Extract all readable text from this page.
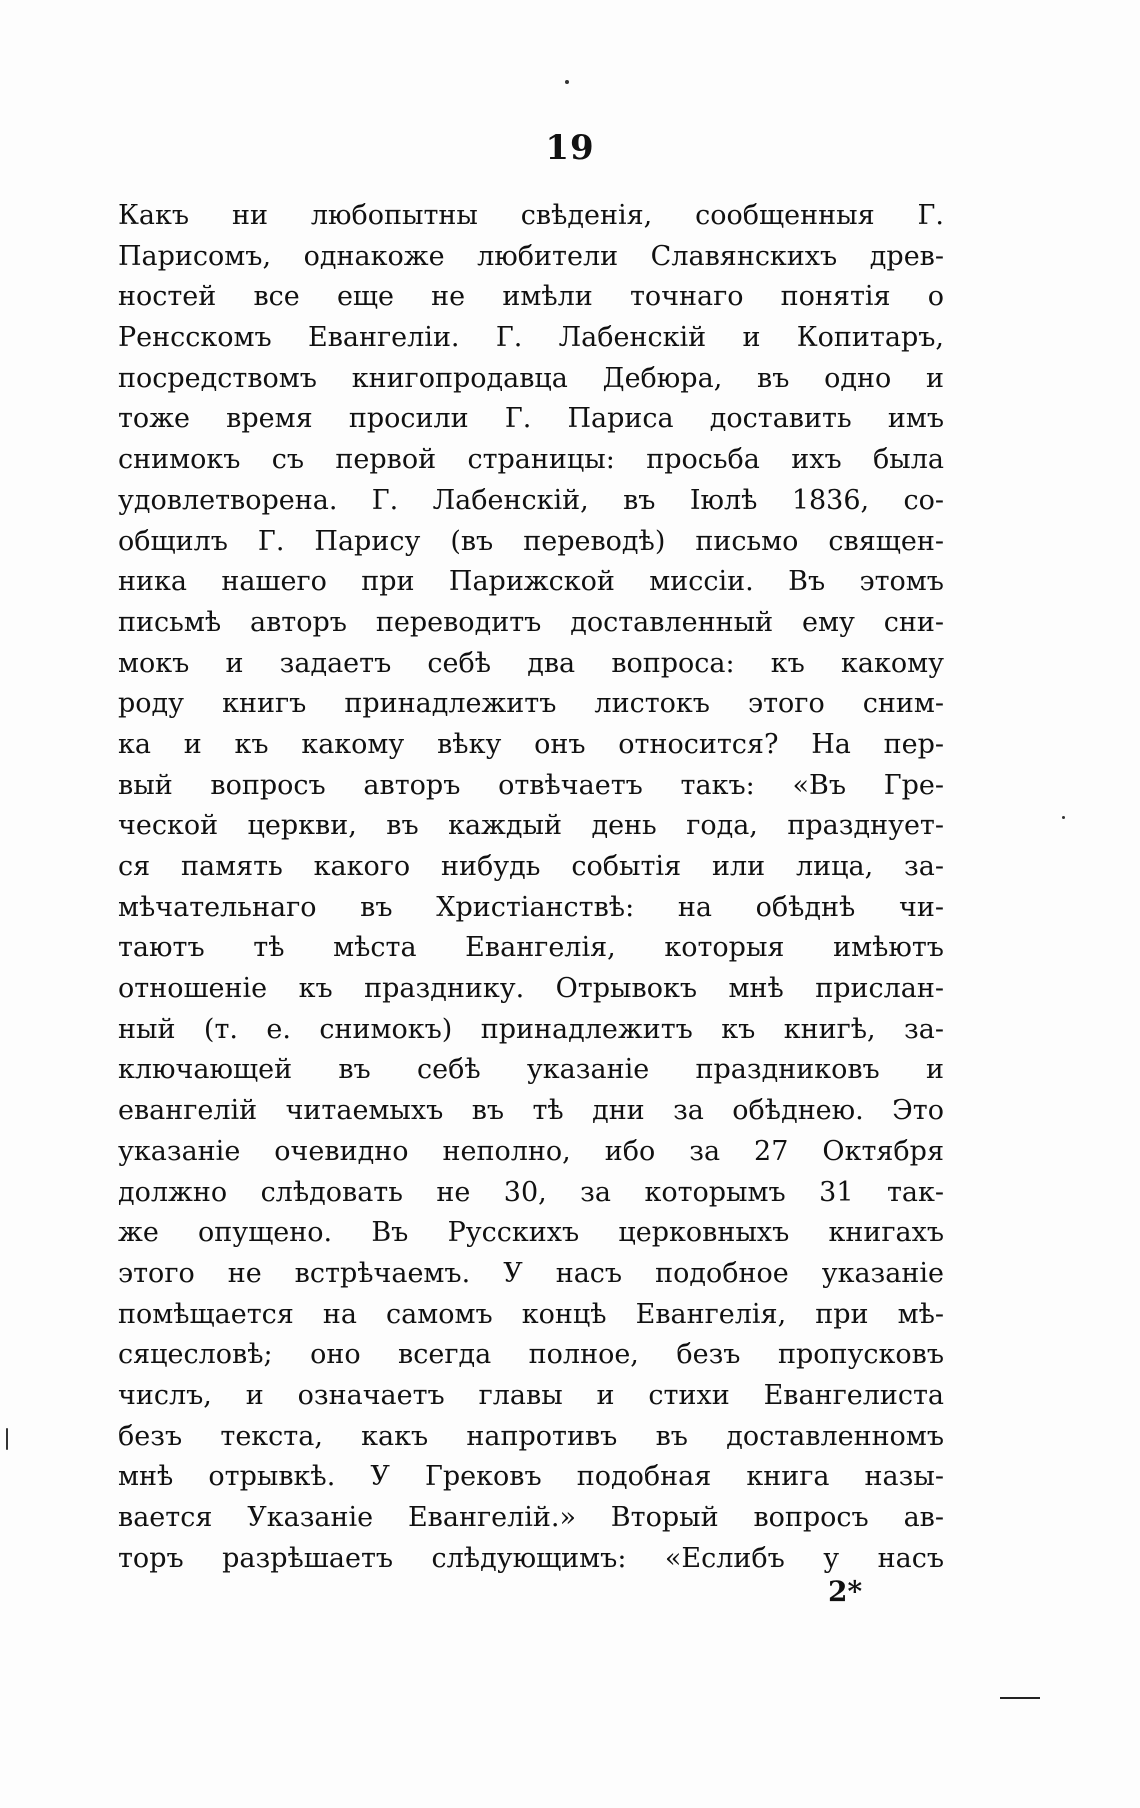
19
Какъ ни любопытны свѣденія, сообщенныя Г.
Парисомъ, однакоже любители Славянскихъ древ-
ностей все еще не имѣли точнаго понятія о
Ренсскомъ Евангеліи. Г. Лабенскій и Копитаръ,
посредствомъ книгопродавца Дебюра, въ одно и
тоже время просили Г. Париса доставить имъ
снимокъ съ первой страницы: просьба ихъ была
удовлетворена. Г. Лабенскій, въ Іюлѣ 1836, со-
общилъ Г. Парису (въ переводѣ) письмо священ-
ника нашего при Парижской миссіи. Въ этомъ
письмѣ авторъ переводитъ доставленный ему сни-
мокъ и задаетъ себѣ два вопроса: къ какому
роду книгъ принадлежитъ листокъ этого сним-
ка и къ какому вѣку онъ относится? На пер-
вый вопросъ авторъ отвѣчаетъ такъ: «Въ Гре-
ческой церкви, въ каждый день года, празднует-
ся память какого нибудь событія или лица, за-
мѣчательнаго въ Христіанствѣ: на обѣднѣ чи-
таютъ тѣ мѣста Евангелія, которыя имѣютъ
отношеніе къ празднику. Отрывокъ мнѣ прислан-
ный (т. е. снимокъ) принадлежитъ къ книгѣ, за-
ключающей въ себѣ указаніе праздниковъ и
евангелій читаемыхъ въ тѣ дни за обѣднею. Это
указаніе очевидно неполно, ибо за 27 Октября
должно слѣдовать не 30, за которымъ 31 так-
же опущено. Въ Русскихъ церковныхъ книгахъ
этого не встрѣчаемъ. У насъ подобное указаніе
помѣщается на самомъ концѣ Евангелія, при мѣ-
сяцесловѣ; оно всегда полное, безъ пропусковъ
числъ, и означаетъ главы и стихи Евангелиста
безъ текста, какъ напротивъ въ доставленномъ
мнѣ отрывкѣ. У Грековъ подобная книга назы-
вается Указаніе Евангелій.» Вторый вопросъ ав-
торъ разрѣшаетъ слѣдующимъ: «Еслибъ у насъ
2*
